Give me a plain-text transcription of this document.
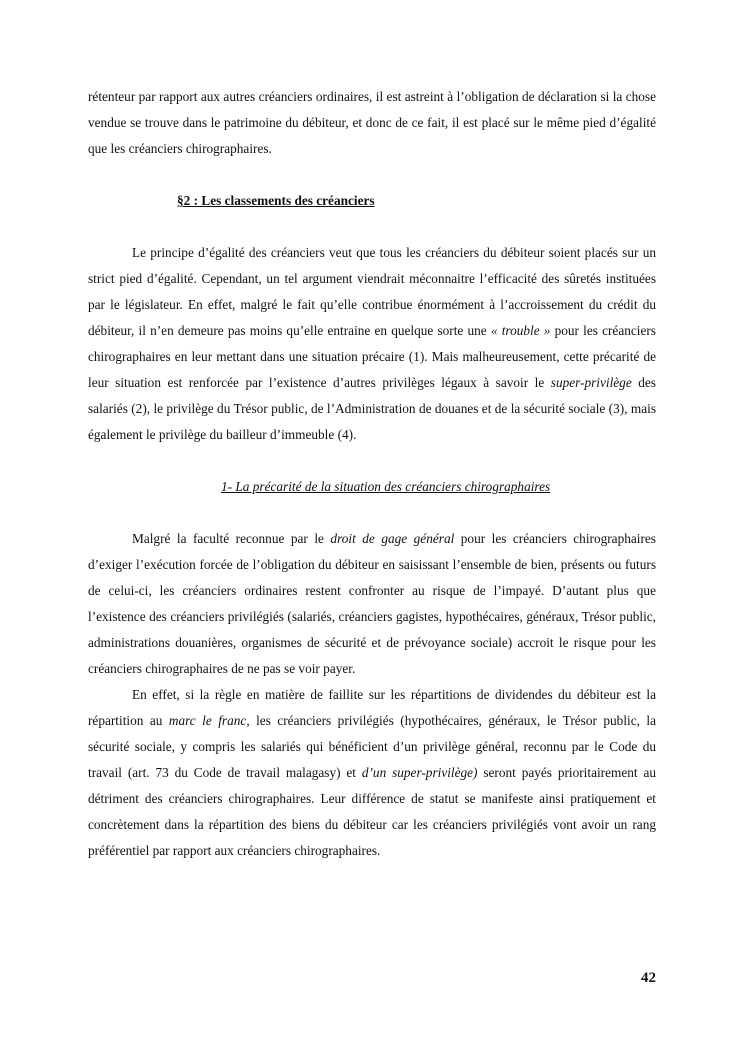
rétenteur par rapport aux autres créanciers ordinaires, il est astreint à l’obligation de déclaration si la chose vendue se trouve dans le patrimoine du débiteur, et donc de ce fait, il est placé sur le même pied d’égalité que les créanciers chirographaires.

§2 : Les classements des créanciers

Le principe d’égalité des créanciers veut que tous les créanciers du débiteur soient placés sur un strict pied d’égalité. Cependant, un tel argument viendrait méconnaitre l’efficacité des sûretés instituées par le législateur. En effet, malgré le fait qu’elle contribue énormément à l’accroissement du crédit du débiteur, il n’en demeure pas moins qu’elle entraine en quelque sorte une « trouble » pour les créanciers chirographaires en leur mettant dans une situation précaire (1). Mais malheureusement, cette précarité de leur situation est renforcée par l’existence d’autres privilèges légaux à savoir le super-privilège des salariés (2), le privilège du Trésor public, de l’Administration de douanes et de la sécurité sociale (3), mais également le privilège du bailleur d’immeuble (4).

1- La précarité de la situation des créanciers chirographaires

Malgré la faculté reconnue par le droit de gage général pour les créanciers chirographaires d’exiger l’exécution forcée de l’obligation du débiteur en saisissant l’ensemble de bien, présents ou futurs de celui-ci, les créanciers ordinaires restent confronter au risque de l’impayé. D’autant plus que l’existence des créanciers privilégiés (salariés, créanciers gagistes, hypothécaires, généraux, Trésor public, administrations douanières, organismes de sécurité et de prévoyance sociale) accroit le risque pour les créanciers chirographaires de ne pas se voir payer.

En effet, si la règle en matière de faillite sur les répartitions de dividendes du débiteur est la répartition au marc le franc, les créanciers privilégiés (hypothécaires, généraux, le Trésor public, la sécurité sociale, y compris les salariés qui bénéficient d’un privilège général, reconnu par le Code du travail (art. 73 du Code de travail malagasy) et d’un super-privilège) seront payés prioritairement au détriment des créanciers chirographaires. Leur différence de statut se manifeste ainsi pratiquement et concrètement dans la répartition des biens du débiteur car les créanciers privilégiés vont avoir un rang préférentiel par rapport aux créanciers chirographaires.

42
